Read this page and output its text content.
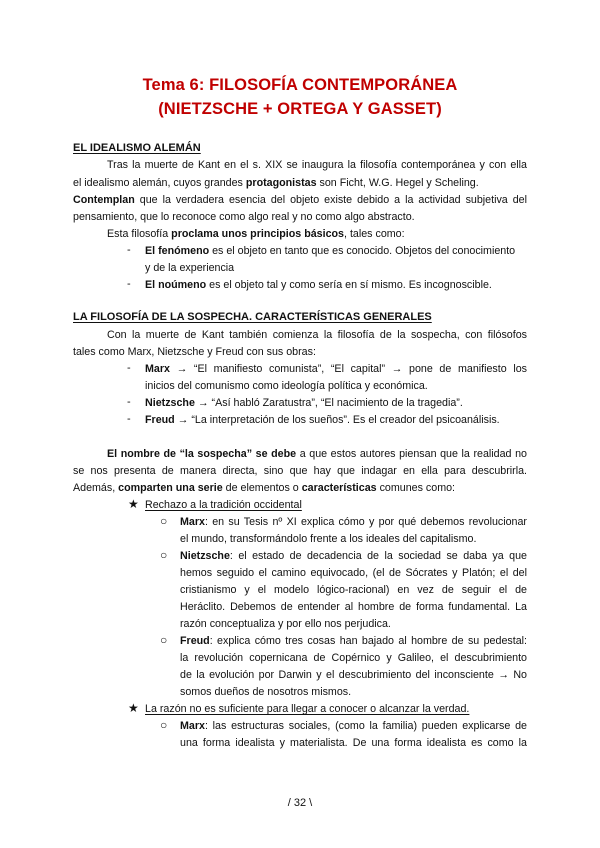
Tema 6: FILOSOFÍA CONTEMPORÁNEA
(NIETZSCHE + ORTEGA Y GASSET)
EL IDEALISMO ALEMÁN
Tras la muerte de Kant en el s. XIX se inaugura la filosofía contemporánea y con ella
el idealismo alemán, cuyos grandes protagonistas son Ficht, W.G. Hegel y Scheling.
Contemplan que la verdadera esencia del objeto existe debido a la actividad subjetiva del
pensamiento, que lo reconoce como algo real y no como algo abstracto.
Esta filosofía proclama unos principios básicos, tales como:
- El fenómeno es el objeto en tanto que es conocido. Objetos del conocimiento
y de la experiencia
- El noúmeno es el objeto tal y como sería en sí mismo. Es incognoscible.
LA FILOSOFÍA DE LA SOSPECHA. CARACTERÍSTICAS GENERALES
Con la muerte de Kant también comienza la filosofía de la sospecha, con filósofos
tales como Marx, Nietzsche y Freud con sus obras:
- Marx → “El manifiesto comunista”, “El capital” → pone de manifiesto los
inicios del comunismo como ideología política y económica.
- Nietzsche → “Así habló Zaratustra”, “El nacimiento de la tragedia”.
- Freud → “La interpretación de los sueños”. Es el creador del psicoanálisis.
El nombre de “la sospecha” se debe a que estos autores piensan que la realidad no
se nos presenta de manera directa, sino que hay que indagar en ella para descubrirla.
Además, comparten una serie de elementos o características comunes como:
★ Rechazo a la tradición occidental
○ Marx: en su Tesis nº XI explica cómo y por qué debemos revolucionar
el mundo, transformándolo frente a los ideales del capitalismo.
○ Nietzsche: el estado de decadencia de la sociedad se daba ya que
hemos seguido el camino equivocado, (el de Sócrates y Platón; el del
cristianismo y el modelo lógico-racional) en vez de seguir el de
Heráclito. Debemos de entender al hombre de forma fundamental. La
razón conceptualiza y por ello nos perjudica.
○ Freud: explica cómo tres cosas han bajado al hombre de su pedestal:
la revolución copernicana de Copérnico y Galileo, el descubrimiento
de la evolución por Darwin y el descubrimiento del inconsciente → No
somos dueños de nosotros mismos.
★ La razón no es suficiente para llegar a conocer o alcanzar la verdad.
○ Marx: las estructuras sociales, (como la familia) pueden explicarse de
una forma idealista y materialista. De una forma idealista es como la
/ 32 \
